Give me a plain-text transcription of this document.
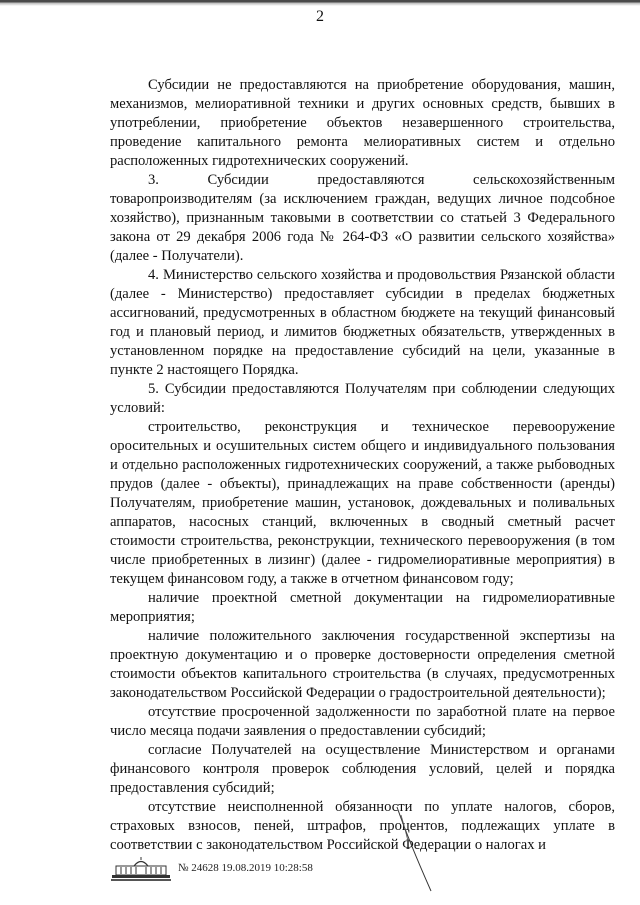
2

Субсидии не предоставляются на приобретение оборудования, машин, механизмов, мелиоративной техники и других основных средств, бывших в употреблении, приобретение объектов незавершенного строительства, проведение капитального ремонта мелиоративных систем и отдельно расположенных гидротехнических сооружений.

3. Субсидии предоставляются сельскохозяйственным товаропроизводителям (за исключением граждан, ведущих личное подсобное хозяйство), признанным таковыми в соответствии со статьей 3 Федерального закона от 29 декабря 2006 года № 264-ФЗ «О развитии сельского хозяйства» (далее - Получатели).

4. Министерство сельского хозяйства и продовольствия Рязанской области (далее - Министерство) предоставляет субсидии в пределах бюджетных ассигнований, предусмотренных в областном бюджете на текущий финансовый год и плановый период, и лимитов бюджетных обязательств, утвержденных в установленном порядке на предоставление субсидий на цели, указанные в пункте 2 настоящего Порядка.

5. Субсидии предоставляются Получателям при соблюдении следующих условий:

строительство, реконструкция и техническое перевооружение оросительных и осушительных систем общего и индивидуального пользования и отдельно расположенных гидротехнических сооружений, а также рыбоводных прудов (далее - объекты), принадлежащих на праве собственности (аренды) Получателям, приобретение машин, установок, дождевальных и поливальных аппаратов, насосных станций, включенных в сводный сметный расчет стоимости строительства, реконструкции, технического перевооружения (в том числе приобретенных в лизинг) (далее - гидромелиоративные мероприятия) в текущем финансовом году, а также в отчетном финансовом году;

наличие проектной сметной документации на гидромелиоративные мероприятия;

наличие положительного заключения государственной экспертизы на проектную документацию и о проверке достоверности определения сметной стоимости объектов капитального строительства (в случаях, предусмотренных законодательством Российской Федерации о градостроительной деятельности);

отсутствие просроченной задолженности по заработной плате на первое число месяца подачи заявления о предоставлении субсидий;

согласие Получателей на осуществление Министерством и органами финансового контроля проверок соблюдения условий, целей и порядка предоставления субсидий;

отсутствие неисполненной обязанности по уплате налогов, сборов, страховых взносов, пеней, штрафов, процентов, подлежащих уплате в соответствии с законодательством Российской Федерации о налогах и

№ 24628 19.08.2019 10:28:58
